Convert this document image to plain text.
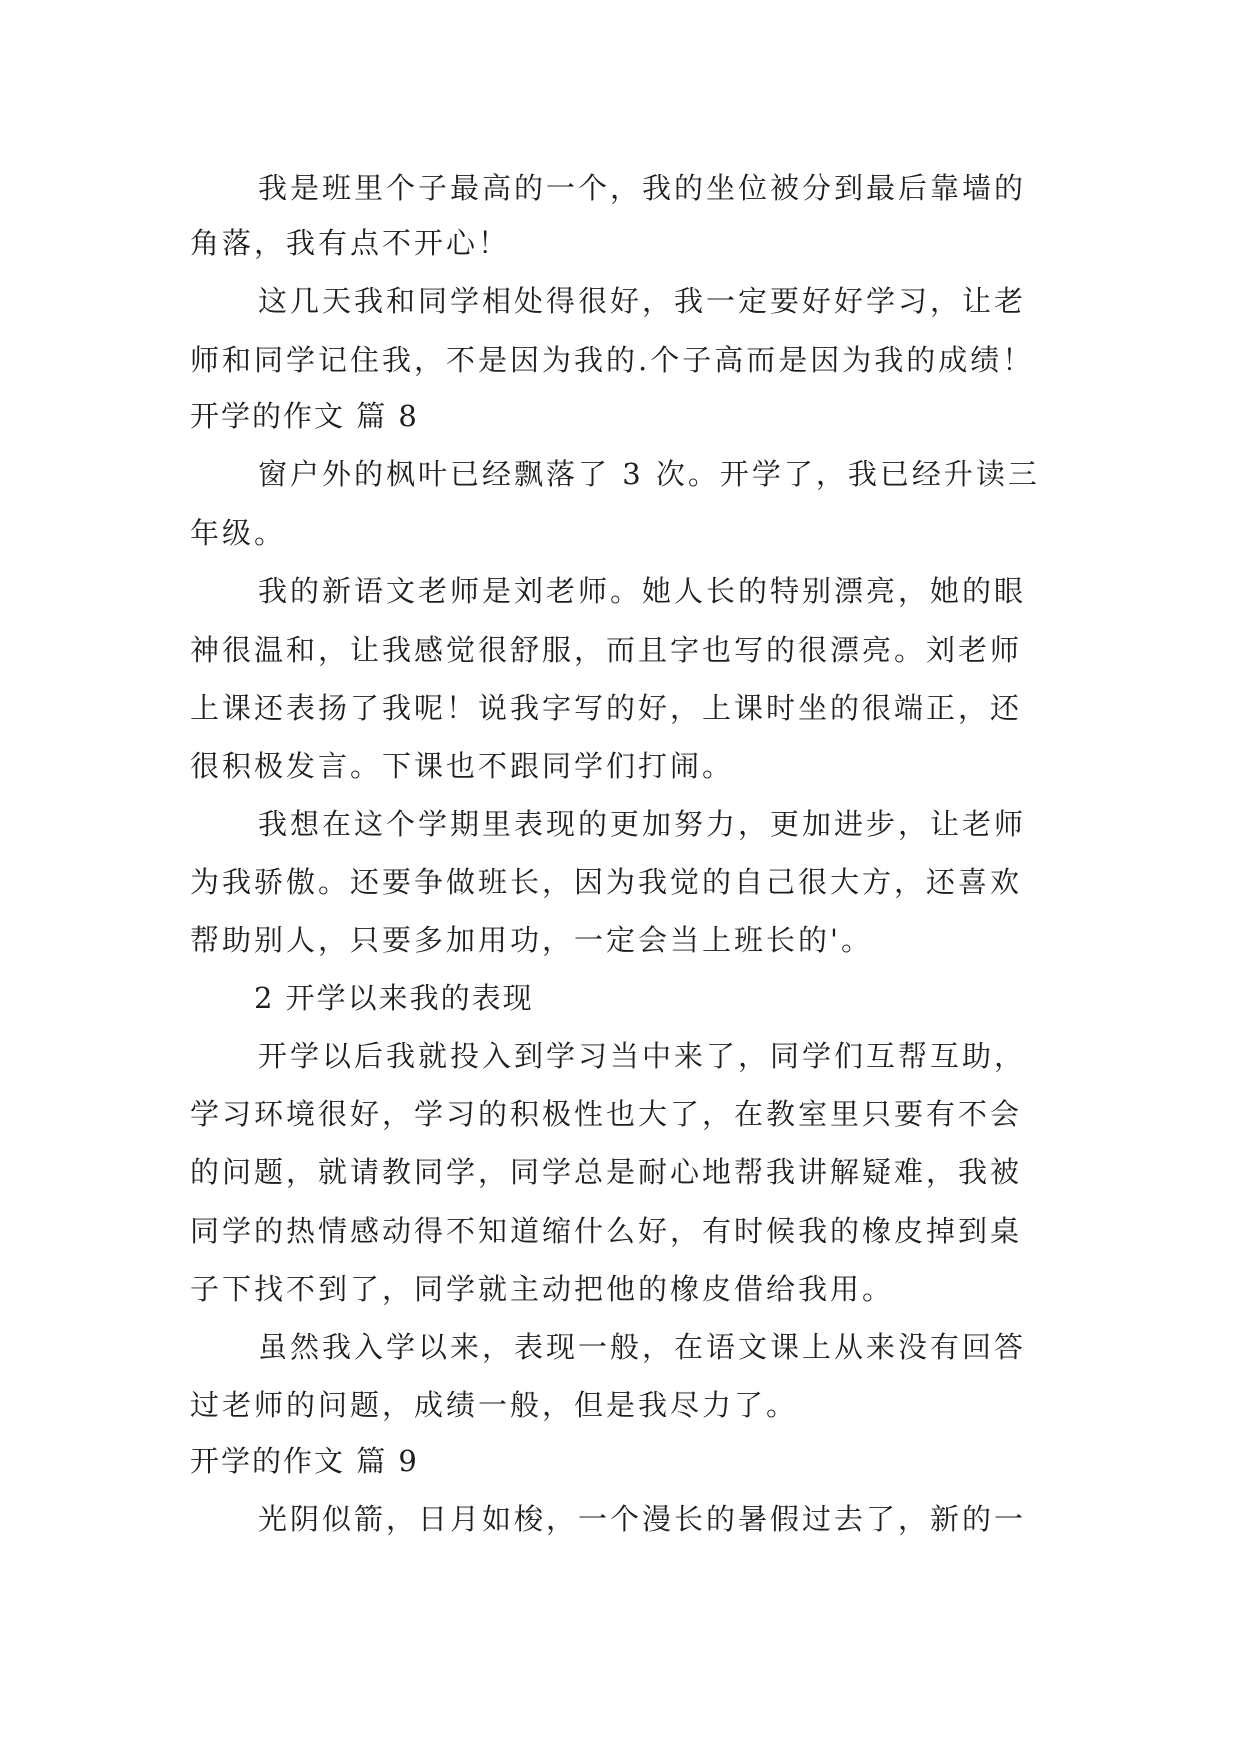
我是班里个子最高的一个，我的坐位被分到最后靠墙的
角落，我有点不开心！
这几天我和同学相处得很好，我一定要好好学习，让老
师和同学记住我，不是因为我的.个子高而是因为我的成绩！
开学的作文 篇 8
窗户外的枫叶已经飘落了 3 次。开学了，我已经升读三
年级。
我的新语文老师是刘老师。她人长的特别漂亮，她的眼
神很温和，让我感觉很舒服，而且字也写的很漂亮。刘老师
上课还表扬了我呢！说我字写的好，上课时坐的很端正，还
很积极发言。下课也不跟同学们打闹。
我想在这个学期里表现的更加努力，更加进步，让老师
为我骄傲。还要争做班长，因为我觉的自己很大方，还喜欢
帮助别人，只要多加用功，一定会当上班长的'。
2 开学以来我的表现
开学以后我就投入到学习当中来了，同学们互帮互助，
学习环境很好，学习的积极性也大了，在教室里只要有不会
的问题，就请教同学，同学总是耐心地帮我讲解疑难，我被
同学的热情感动得不知道缩什么好，有时候我的橡皮掉到桌
子下找不到了，同学就主动把他的橡皮借给我用。
虽然我入学以来，表现一般，在语文课上从来没有回答
过老师的问题，成绩一般，但是我尽力了。
开学的作文 篇 9
光阴似箭，日月如梭，一个漫长的暑假过去了，新的一
